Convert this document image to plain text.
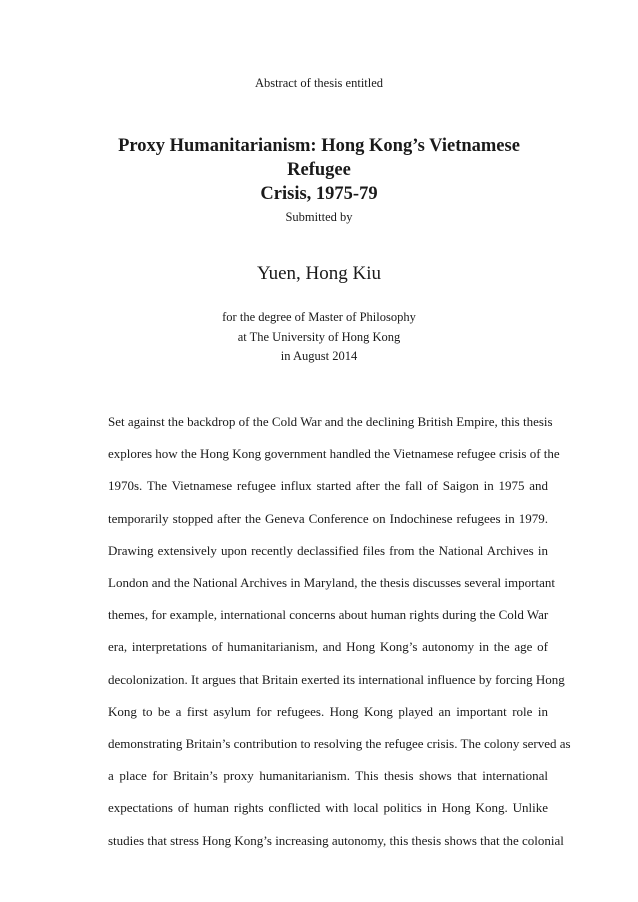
Abstract of thesis entitled

Proxy Humanitarianism: Hong Kong’s Vietnamese Refugee
Crisis, 1975-79

Submitted by

Yuen, Hong Kiu

for the degree of Master of Philosophy
at The University of Hong Kong
in August 2014
Set against the backdrop of the Cold War and the declining British Empire, this thesis
explores how the Hong Kong government handled the Vietnamese refugee crisis of the
1970s. The Vietnamese refugee influx started after the fall of Saigon in 1975 and
temporarily stopped after the Geneva Conference on Indochinese refugees in 1979.
Drawing extensively upon recently declassified files from the National Archives in
London and the National Archives in Maryland, the thesis discusses several important
themes, for example, international concerns about human rights during the Cold War
era, interpretations of humanitarianism, and Hong Kong’s autonomy in the age of
decolonization. It argues that Britain exerted its international influence by forcing Hong
Kong to be a first asylum for refugees. Hong Kong played an important role in
demonstrating Britain’s contribution to resolving the refugee crisis. The colony served as
a place for Britain’s proxy humanitarianism. This thesis shows that international
expectations of human rights conflicted with local politics in Hong Kong. Unlike
studies that stress Hong Kong’s increasing autonomy, this thesis shows that the colonial
